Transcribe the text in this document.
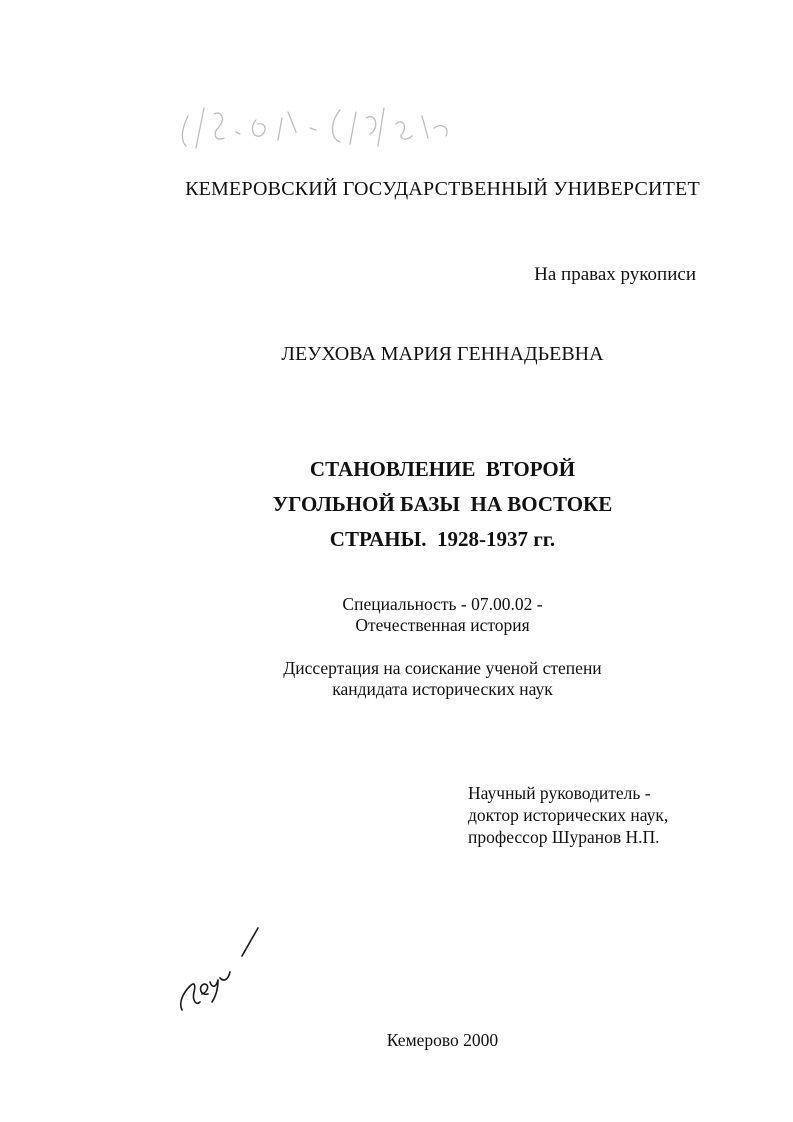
КЕМЕРОВСКИЙ ГОСУДАРСТВЕННЫЙ УНИВЕРСИТЕТ
На правах рукописи
ЛЕУХОВА МАРИЯ ГЕННАДЬЕВНА
СТАНОВЛЕНИЕ  ВТОРОЙ
УГОЛЬНОЙ БАЗЫ  НА ВОСТОКЕ
СТРАНЫ.  1928-1937 гг.
Специальность - 07.00.02 -
Отечественная история
Диссертация на соискание ученой степени
кандидата исторических наук
Научный руководитель -
доктор исторических наук,
профессор Шуранов Н.П.
Кемерово 2000
